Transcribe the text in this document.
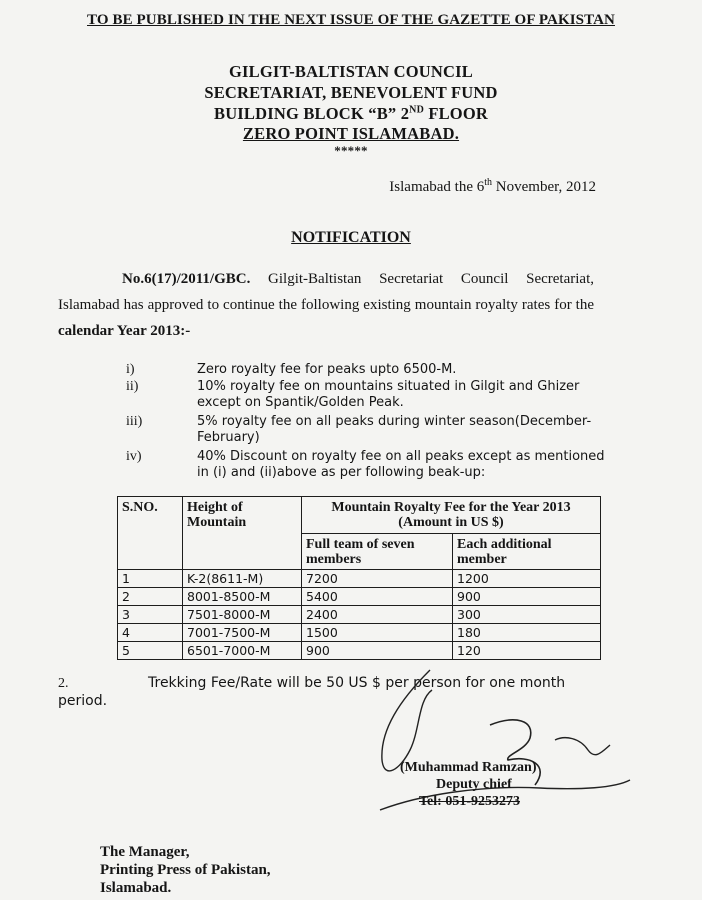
TO BE PUBLISHED IN THE NEXT ISSUE OF THE GAZETTE OF PAKISTAN
GILGIT-BALTISTAN COUNCIL
SECRETARIAT, BENEVOLENT FUND
BUILDING BLOCK “B” 2ND FLOOR
ZERO POINT ISLAMABAD.
*****
Islamabad the 6th November, 2012
NOTIFICATION
No.6(17)/2011/GBC. Gilgit-Baltistan Secretariat Council Secretariat, Islamabad has approved to continue the following existing mountain royalty rates for the calendar Year 2013:-
i)	Zero royalty fee for peaks upto 6500-M.
ii)	10% royalty fee on mountains situated in Gilgit and Ghizer except on Spantik/Golden Peak.
iii)	5% royalty fee on all peaks during winter season(December-February)
iv)	40% Discount on royalty fee on all peaks except as mentioned in (i) and (ii)above as per following beak-up:
S.NO.	Height of Mountain	Mountain Royalty Fee for the Year 2013 (Amount in US $)	
		Full team of seven members	Each additional member
1	K-2(8611-M)	7200	1200
2	8001-8500-M	5400	900
3	7501-8000-M	2400	300
4	7001-7500-M	1500	180
5	6501-7000-M	900	120
2.	Trekking Fee/Rate will be 50 US $ per person for one month period.
(Muhammad Ramzan)
Deputy chief
Tel: 051-9253273
The Manager,
Printing Press of Pakistan,
Islamabad.
